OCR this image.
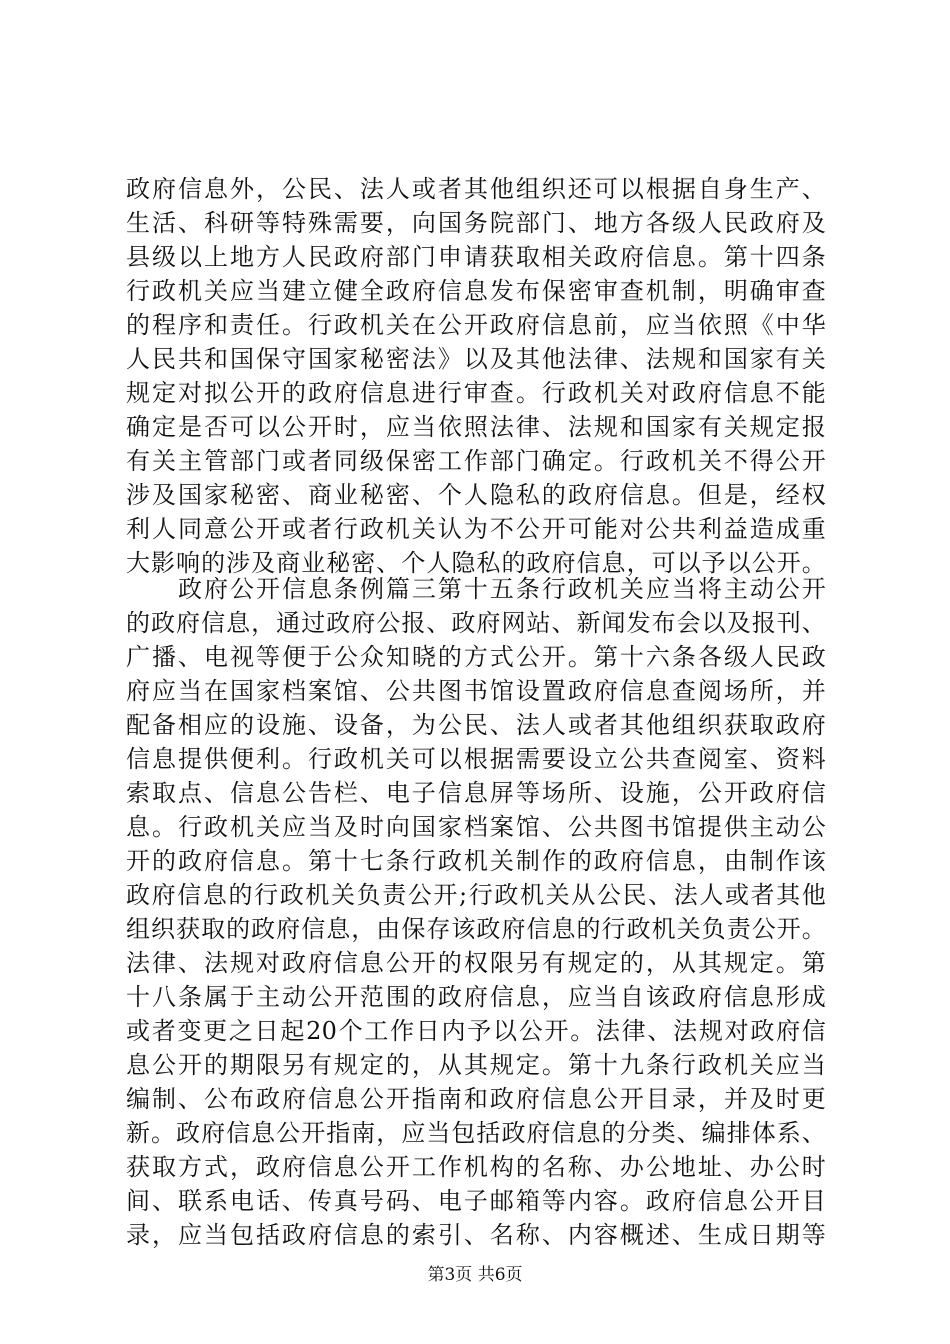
政府信息外，公民、法人或者其他组织还可以根据自身生产、
生活、科研等特殊需要，向国务院部门、地方各级人民政府及
县级以上地方人民政府部门申请获取相关政府信息。第十四条
行政机关应当建立健全政府信息发布保密审查机制，明确审查
的程序和责任。行政机关在公开政府信息前，应当依照《中华
人民共和国保守国家秘密法》以及其他法律、法规和国家有关
规定对拟公开的政府信息进行审查。行政机关对政府信息不能
确定是否可以公开时，应当依照法律、法规和国家有关规定报
有关主管部门或者同级保密工作部门确定。行政机关不得公开
涉及国家秘密、商业秘密、个人隐私的政府信息。但是，经权
利人同意公开或者行政机关认为不公开可能对公共利益造成重
大影响的涉及商业秘密、个人隐私的政府信息，可以予以公开。
政府公开信息条例篇三第十五条行政机关应当将主动公开
的政府信息，通过政府公报、政府网站、新闻发布会以及报刊、
广播、电视等便于公众知晓的方式公开。第十六条各级人民政
府应当在国家档案馆、公共图书馆设置政府信息查阅场所，并
配备相应的设施、设备，为公民、法人或者其他组织获取政府
信息提供便利。行政机关可以根据需要设立公共查阅室、资料
索取点、信息公告栏、电子信息屏等场所、设施，公开政府信
息。行政机关应当及时向国家档案馆、公共图书馆提供主动公
开的政府信息。第十七条行政机关制作的政府信息，由制作该
政府信息的行政机关负责公开;行政机关从公民、法人或者其他
组织获取的政府信息，由保存该政府信息的行政机关负责公开。
法律、法规对政府信息公开的权限另有规定的，从其规定。第
十八条属于主动公开范围的政府信息，应当自该政府信息形成
或者变更之日起20个工作日内予以公开。法律、法规对政府信
息公开的期限另有规定的，从其规定。第十九条行政机关应当
编制、公布政府信息公开指南和政府信息公开目录，并及时更
新。政府信息公开指南，应当包括政府信息的分类、编排体系、
获取方式，政府信息公开工作机构的名称、办公地址、办公时
间、联系电话、传真号码、电子邮箱等内容。政府信息公开目
录，应当包括政府信息的索引、名称、内容概述、生成日期等
第3页 共6页
